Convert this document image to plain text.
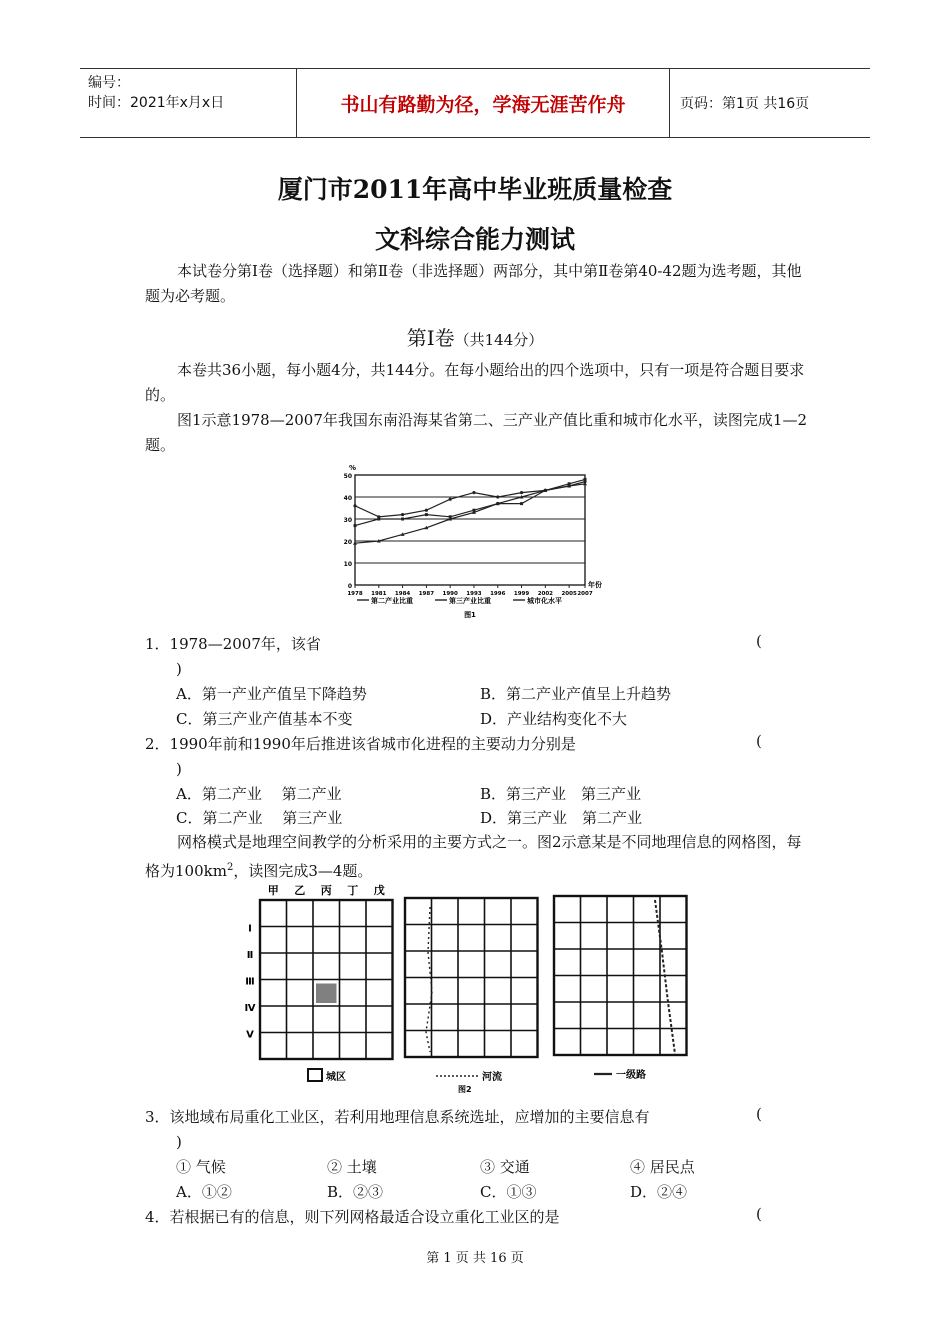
编号：
时间：2021年x月x日	书山有路勤为径，学海无涯苦作舟	页码：第1页 共16页
厦门市2011年高中毕业班质量检查
文科综合能力测试
本试卷分第Ⅰ卷（选择题）和第Ⅱ卷（非选择题）两部分，其中第Ⅱ卷第40-42题为选考题，其他题为必考题。
第Ⅰ卷（共144分）
本卷共36小题，每小题4分，共144分。在每小题给出的四个选项中，只有一项是符合题目要求的。
图1示意1978—2007年我国东南沿海某省第二、三产业产值比重和城市化水平，读图完成1—2题。
0
10
20
30
40
50
%
1978 1981 1984 1987 1990 1993 1996 1999 2002 2005 2007
年份
第二产业比重	第三产业比重	城市化水平
图1
1．1978—2007年，该省	(
)
A．第一产业产值呈下降趋势	B．第二产业产值呈上升趋势
C．第三产业产值基本不变	D．产业结构变化不大
2．1990年前和1990年后推进该省城市化进程的主要动力分别是	(
)
A．第二产业　 第二产业	B．第三产业　第三产业
C．第二产业　 第三产业	D．第三产业　第二产业
网格模式是地理空间教学的分析采用的主要方式之一。图2示意某是不同地理信息的网格图，每格为$100km^2$，读图完成3—4题。
甲 乙 丙 丁 戊
Ⅰ
Ⅱ
Ⅲ
Ⅳ
Ⅴ
城区	河流
图2
一级路
3．该地域布局重化工业区，若利用地理信息系统选址，应增加的主要信息有	(
)
① 气候	② 土壤	③ 交通	④ 居民点
A．①②	B．②③	C．①③	D．②④
4．若根据已有的信息，则下列网格最适合设立重化工业区的是	(
第 1 页 共 16 页
